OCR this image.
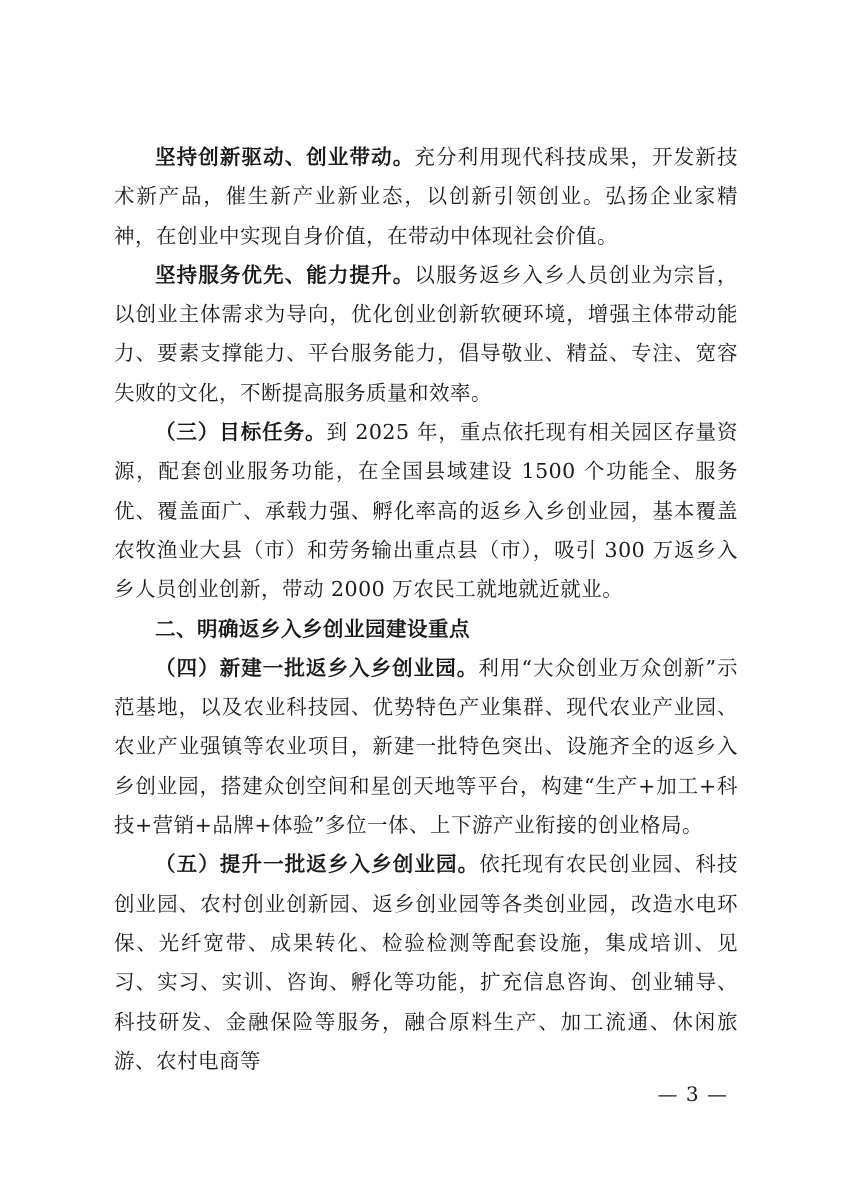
坚持创新驱动、创业带动。充分利用现代科技成果，开发新技术新产品，催生新产业新业态，以创新引领创业。弘扬企业家精神，在创业中实现自身价值，在带动中体现社会价值。

坚持服务优先、能力提升。以服务返乡入乡人员创业为宗旨，以创业主体需求为导向，优化创业创新软硬环境，增强主体带动能力、要素支撑能力、平台服务能力，倡导敬业、精益、专注、宽容失败的文化，不断提高服务质量和效率。

（三）目标任务。到 2025 年，重点依托现有相关园区存量资源，配套创业服务功能，在全国县域建设 1500 个功能全、服务优、覆盖面广、承载力强、孵化率高的返乡入乡创业园，基本覆盖农牧渔业大县（市）和劳务输出重点县（市），吸引 300 万返乡入乡人员创业创新，带动 2000 万农民工就地就近就业。

二、明确返乡入乡创业园建设重点

（四）新建一批返乡入乡创业园。利用“大众创业万众创新”示范基地，以及农业科技园、优势特色产业集群、现代农业产业园、农业产业强镇等农业项目，新建一批特色突出、设施齐全的返乡入乡创业园，搭建众创空间和星创天地等平台，构建“生产+加工+科技+营销+品牌+体验”多位一体、上下游产业衔接的创业格局。

（五）提升一批返乡入乡创业园。依托现有农民创业园、科技创业园、农村创业创新园、返乡创业园等各类创业园，改造水电环保、光纤宽带、成果转化、检验检测等配套设施，集成培训、见习、实习、实训、咨询、孵化等功能，扩充信息咨询、创业辅导、科技研发、金融保险等服务，融合原料生产、加工流通、休闲旅游、农村电商等

— 3 —
